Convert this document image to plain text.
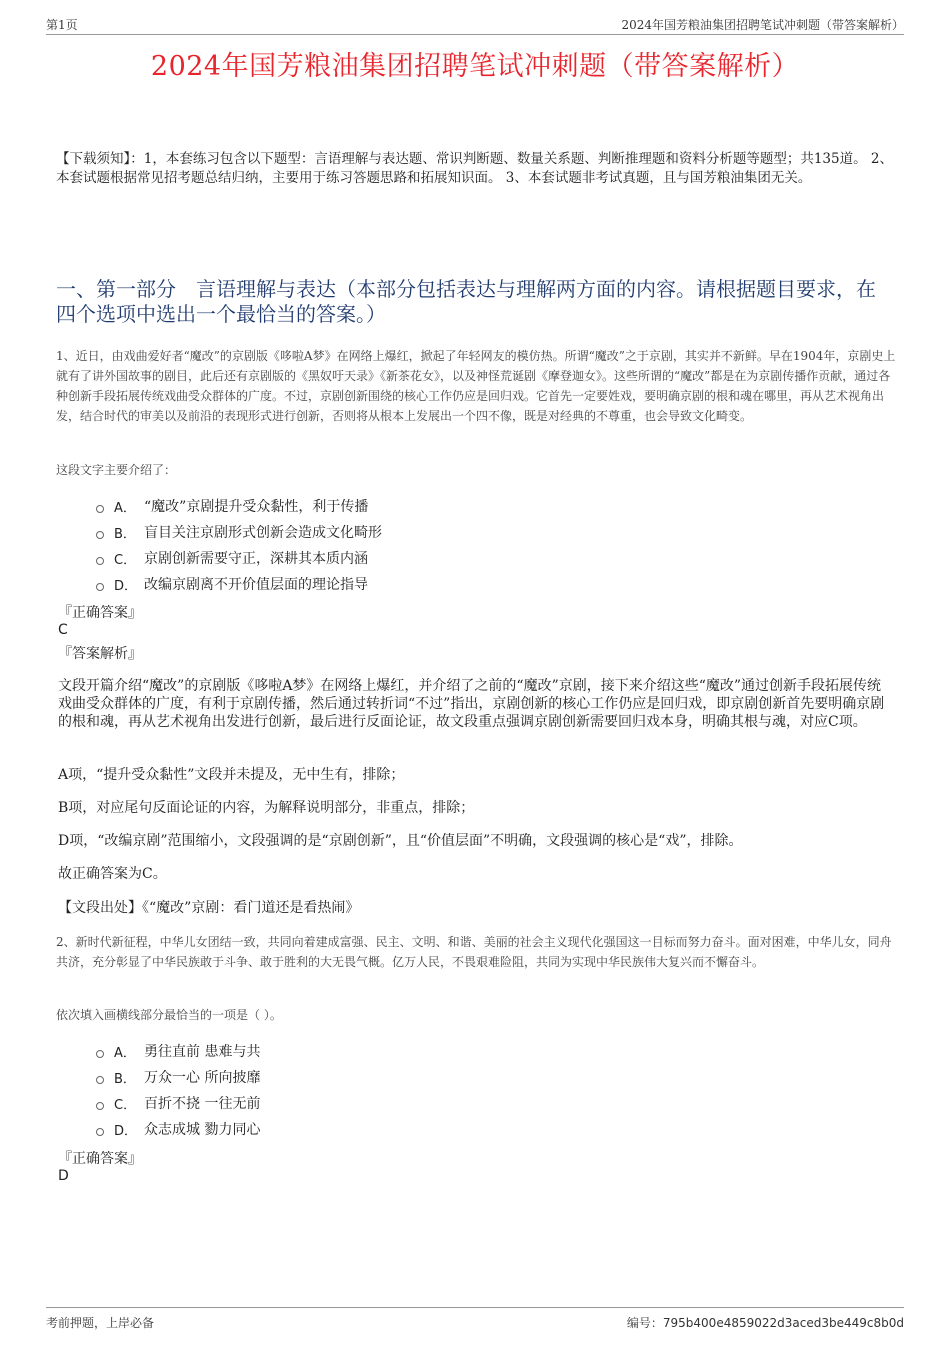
第1页	2024年国芳粮油集团招聘笔试冲刺题（带答案解析）
2024年国芳粮油集团招聘笔试冲刺题（带答案解析）
【下载须知】：1，本套练习包含以下题型：言语理解与表达题、常识判断题、数量关系题、判断推理题和资料分析题等题型；共135道。 2、本套试题根据常见招考题总结归纳，主要用于练习答题思路和拓展知识面。 3、本套试题非考试真题，且与国芳粮油集团无关。
一、第一部分　言语理解与表达（本部分包括表达与理解两方面的内容。请根据题目要求，在四个选项中选出一个最恰当的答案。）
1、近日，由戏曲爱好者“魔改”的京剧版《哆啦A梦》在网络上爆红，掀起了年轻网友的模仿热。所谓“魔改”之于京剧，其实并不新鲜。早在1904年，京剧史上就有了讲外国故事的剧目，此后还有京剧版的《黑奴吁天录》《新茶花女》，以及神怪荒诞剧《摩登迦女》。这些所谓的“魔改”都是在为京剧传播作贡献，通过各种创新手段拓展传统戏曲受众群体的广度。不过，京剧创新围绕的核心工作仍应是回归戏。它首先一定要姓戏，要明确京剧的根和魂在哪里，再从艺术视角出发，结合时代的审美以及前沿的表现形式进行创新，否则将从根本上发展出一个四不像，既是对经典的不尊重，也会导致文化畸变。
这段文字主要介绍了：
A． “魔改”京剧提升受众黏性，利于传播
B． 盲目关注京剧形式创新会造成文化畸形
C． 京剧创新需要守正，深耕其本质内涵
D． 改编京剧离不开价值层面的理论指导
『正确答案』
C
『答案解析』
文段开篇介绍“魔改”的京剧版《哆啦A梦》在网络上爆红，并介绍了之前的“魔改”京剧，接下来介绍这些“魔改”通过创新手段拓展传统戏曲受众群体的广度，有利于京剧传播，然后通过转折词“不过”指出，京剧创新的核心工作仍应是回归戏，即京剧创新首先要明确京剧的根和魂，再从艺术视角出发进行创新，最后进行反面论证，故文段重点强调京剧创新需要回归戏本身，明确其根与魂，对应C项。
A项，“提升受众黏性”文段并未提及，无中生有，排除；
B项，对应尾句反面论证的内容，为解释说明部分，非重点，排除；
D项，“改编京剧”范围缩小，文段强调的是“京剧创新”，且“价值层面”不明确，文段强调的核心是“戏”，排除。
故正确答案为C。
【文段出处】《“魔改”京剧：看门道还是看热闹》
2、新时代新征程，中华儿女团结一致，共同向着建成富强、民主、文明、和谐、美丽的社会主义现代化强国这一目标而努力奋斗。面对困难，中华儿女，同舟共济，充分彰显了中华民族敢于斗争、敢于胜利的大无畏气概。亿万人民，不畏艰难险阻，共同为实现中华民族伟大复兴而不懈奋斗。
依次填入画横线部分最恰当的一项是（ ）。
A． 勇往直前 患难与共
B． 万众一心 所向披靡
C． 百折不挠 一往无前
D． 众志成城 勠力同心
『正确答案』
D
考前押题，上岸必备	编号：795b400e4859022d3aced3be449c8b0d
